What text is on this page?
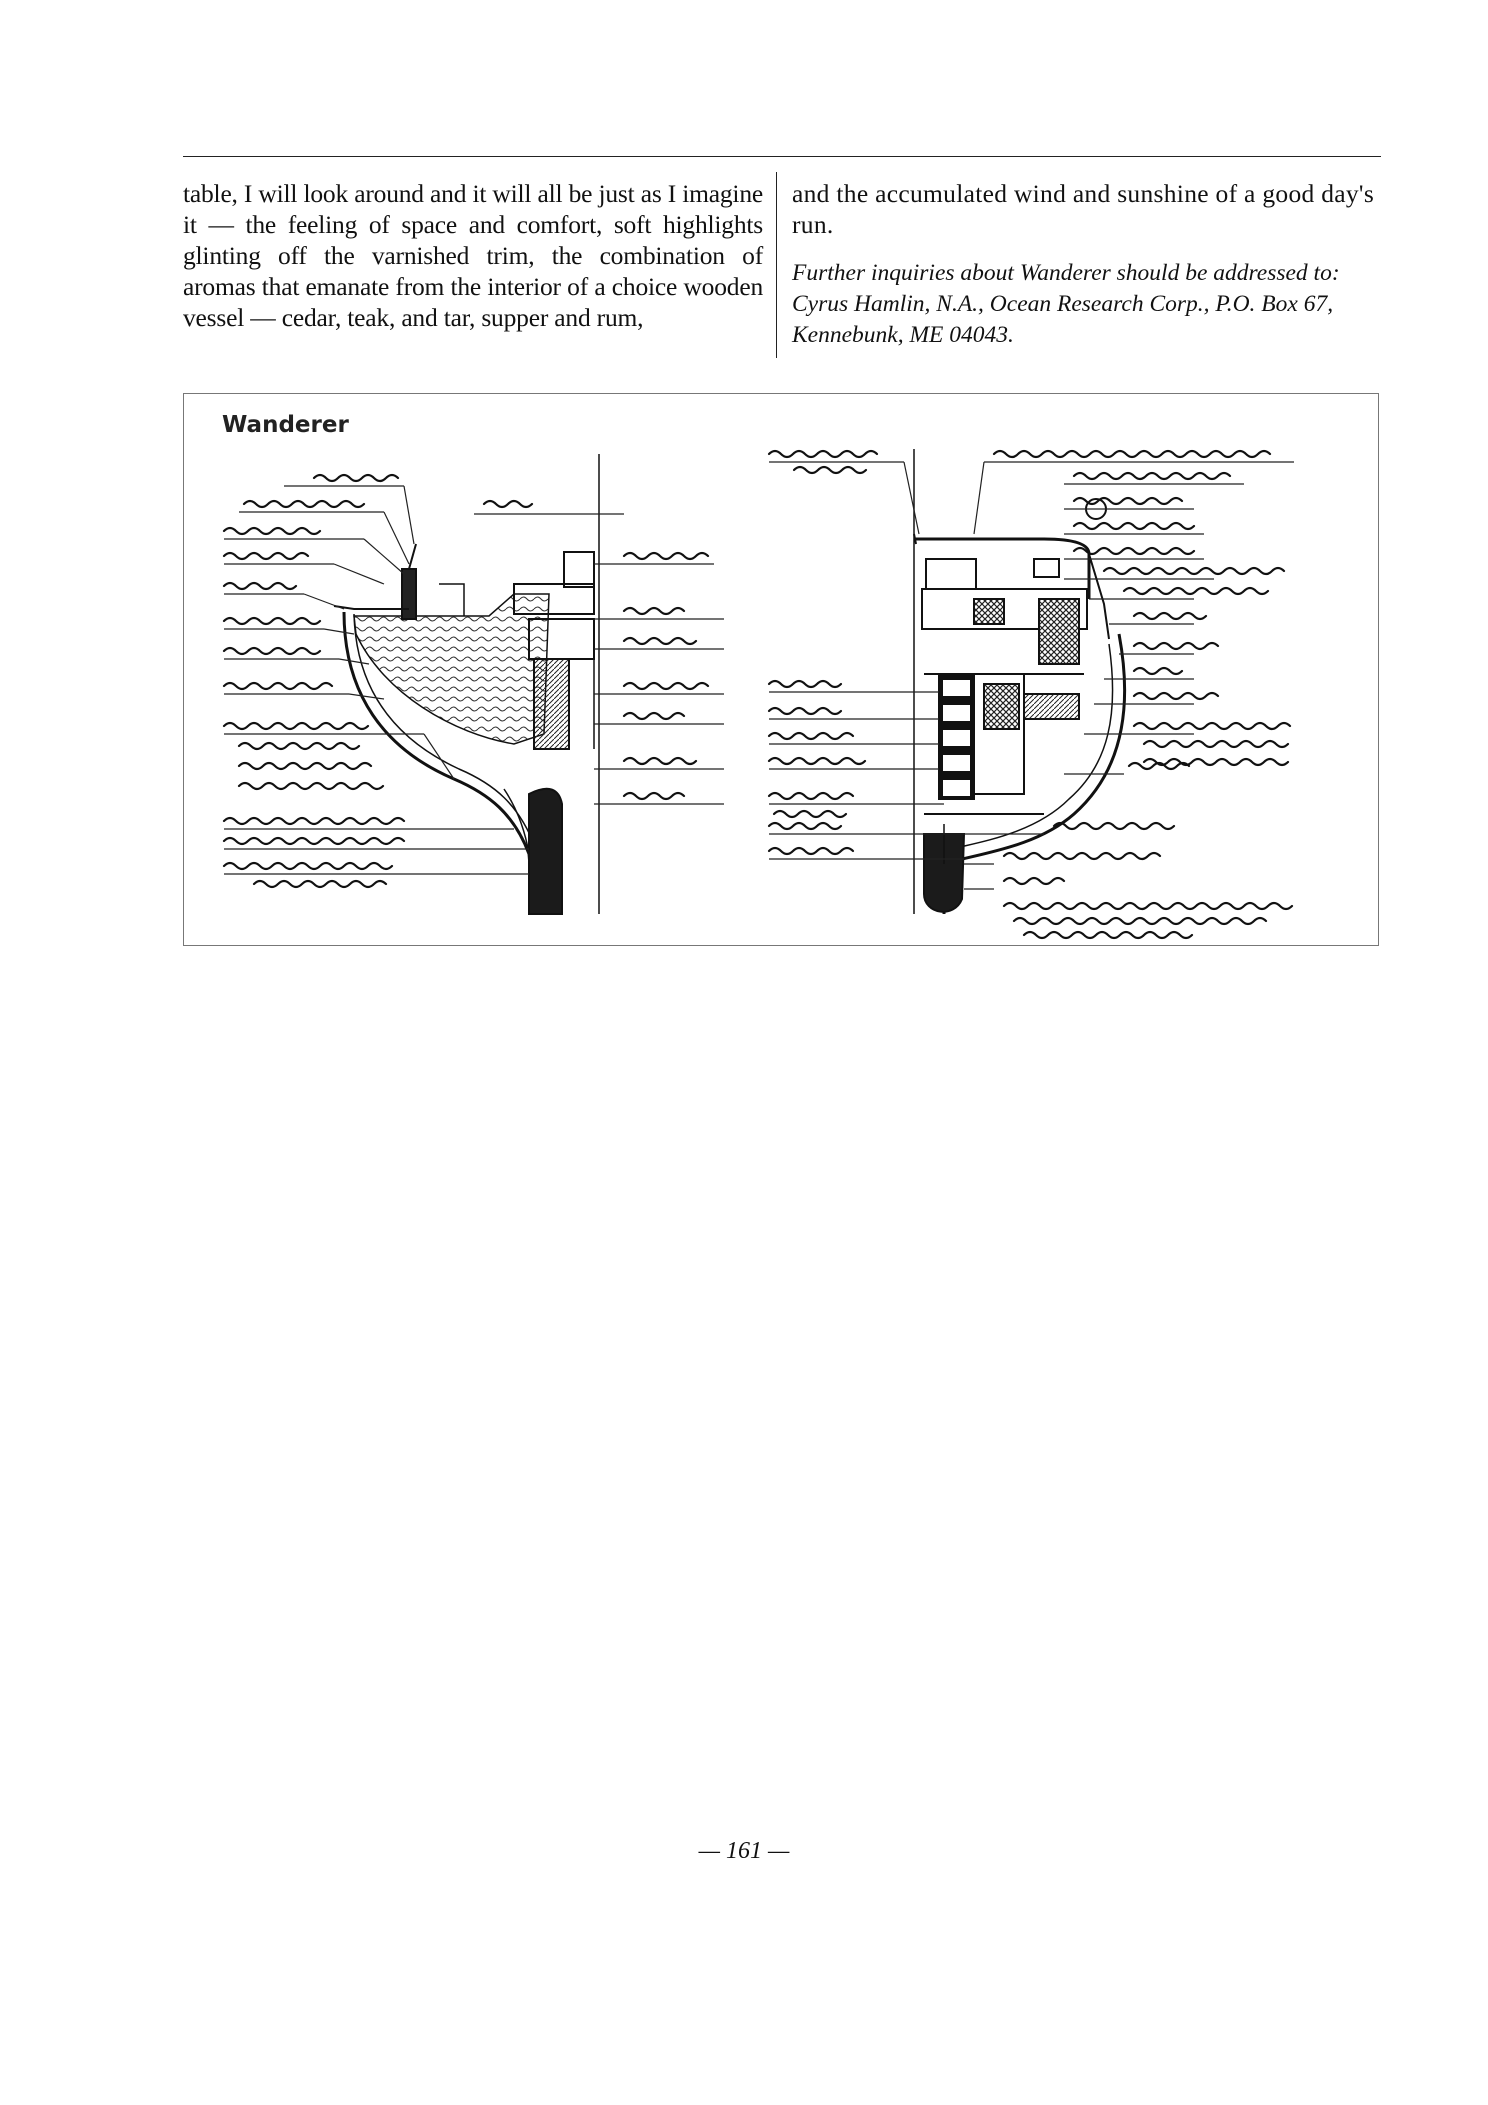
table, I will look around and it will all be just as I imagine it — the feeling of space and comfort, soft highlights glinting off the varnished trim, the combination of aromas that emanate from the interior of a choice wooden vessel — cedar, teak, and tar, supper and rum,

and the accumulated wind and sunshine of a good day's run.

Further inquiries about Wanderer should be addressed to: Cyrus Hamlin, N.A., Ocean Research Corp., P.O. Box 67, Kennebunk, ME 04043.

Wanderer
— 161 —
